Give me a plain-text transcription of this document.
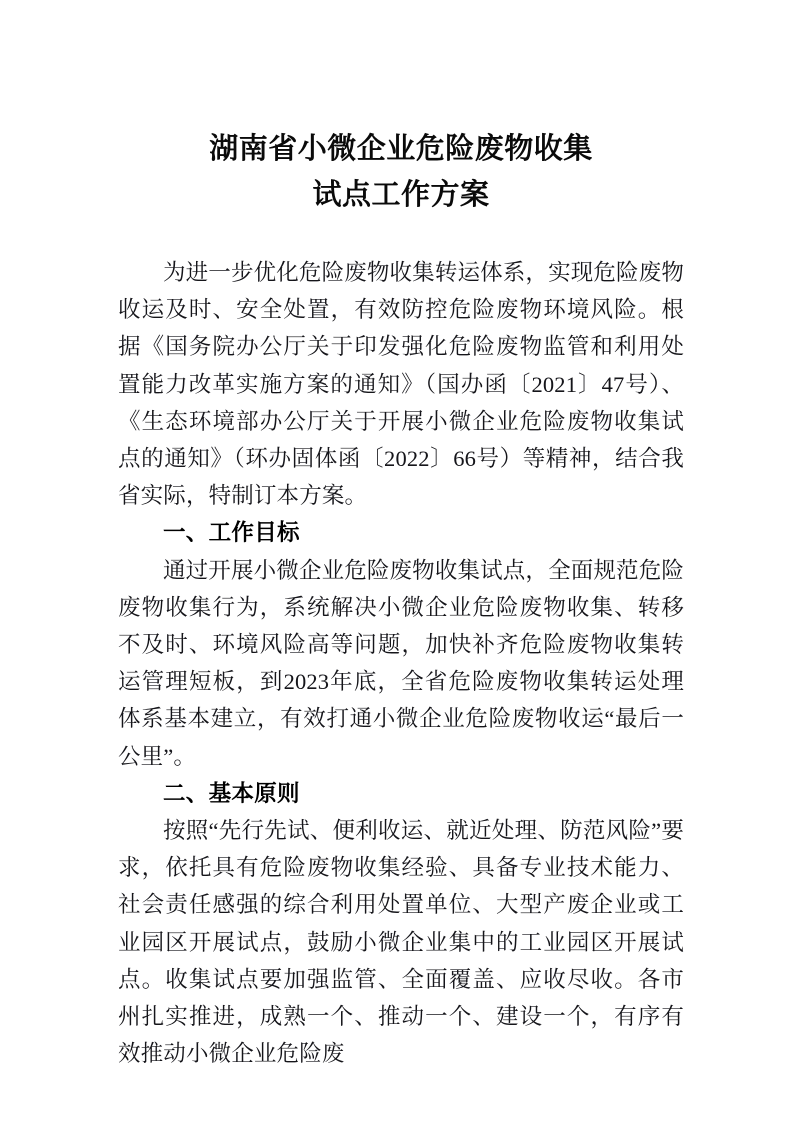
湖南省小微企业危险废物收集
试点工作方案

为进一步优化危险废物收集转运体系，实现危险废物收运及时、安全处置，有效防控危险废物环境风险。根据《国务院办公厅关于印发强化危险废物监管和利用处置能力改革实施方案的通知》（国办函〔2021〕47号）、《生态环境部办公厅关于开展小微企业危险废物收集试点的通知》（环办固体函〔2022〕66号）等精神，结合我省实际，特制订本方案。

一、工作目标

通过开展小微企业危险废物收集试点，全面规范危险废物收集行为，系统解决小微企业危险废物收集、转移不及时、环境风险高等问题，加快补齐危险废物收集转运管理短板，到2023年底，全省危险废物收集转运处理体系基本建立，有效打通小微企业危险废物收运“最后一公里”。

二、基本原则

按照“先行先试、便利收运、就近处理、防范风险”要求，依托具有危险废物收集经验、具备专业技术能力、社会责任感强的综合利用处置单位、大型产废企业或工业园区开展试点，鼓励小微企业集中的工业园区开展试点。收集试点要加强监管、全面覆盖、应收尽收。各市州扎实推进，成熟一个、推动一个、建设一个，有序有效推动小微企业危险废
